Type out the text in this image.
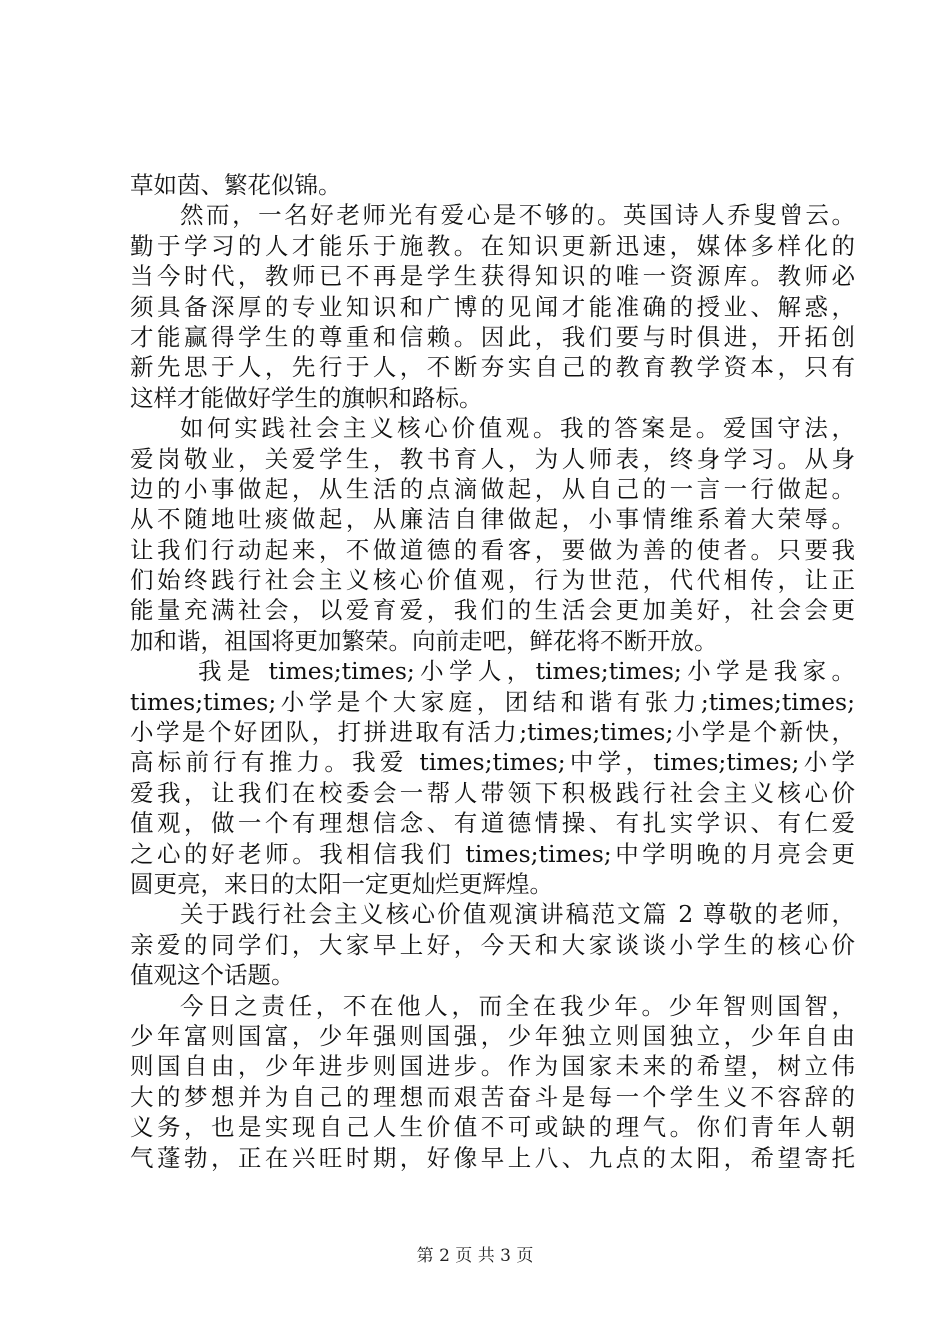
草如茵、繁花似锦。
然而，一名好老师光有爱心是不够的。英国诗人乔叟曾云。
勤于学习的人才能乐于施教。在知识更新迅速，媒体多样化的
当今时代，教师已不再是学生获得知识的唯一资源库。教师必
须具备深厚的专业知识和广博的见闻才能准确的授业、解惑，
才能赢得学生的尊重和信赖。因此，我们要与时俱进，开拓创
新先思于人，先行于人，不断夯实自己的教育教学资本，只有
这样才能做好学生的旗帜和路标。
如何实践社会主义核心价值观。我的答案是。爱国守法，
爱岗敬业，关爱学生，教书育人，为人师表，终身学习。从身
边的小事做起，从生活的点滴做起，从自己的一言一行做起。
从不随地吐痰做起，从廉洁自律做起，小事情维系着大荣辱。
让我们行动起来，不做道德的看客，要做为善的使者。只要我
们始终践行社会主义核心价值观，行为世范，代代相传，让正
能量充满社会，以爱育爱，我们的生活会更加美好，社会会更
加和谐，祖国将更加繁荣。向前走吧，鲜花将不断开放。
我是 times;times;小学人，times;times;小学是我家。
times;times;小学是个大家庭，团结和谐有张力;times;times;
小学是个好团队，打拼进取有活力;times;times;小学是个新快，
高标前行有推力。我爱 times;times;中学，times;times;小学
爱我，让我们在校委会一帮人带领下积极践行社会主义核心价
值观，做一个有理想信念、有道德情操、有扎实学识、有仁爱
之心的好老师。我相信我们 times;times;中学明晚的月亮会更
圆更亮，来日的太阳一定更灿烂更辉煌。
关于践行社会主义核心价值观演讲稿范文篇 2 尊敬的老师，
亲爱的同学们，大家早上好，今天和大家谈谈小学生的核心价
值观这个话题。
今日之责任，不在他人，而全在我少年。少年智则国智，
少年富则国富，少年强则国强，少年独立则国独立，少年自由
则国自由，少年进步则国进步。作为国家未来的希望，树立伟
大的梦想并为自己的理想而艰苦奋斗是每一个学生义不容辞的
义务，也是实现自己人生价值不可或缺的理气。你们青年人朝
气蓬勃，正在兴旺时期，好像早上八、九点的太阳，希望寄托
第 2 页 共 3 页
